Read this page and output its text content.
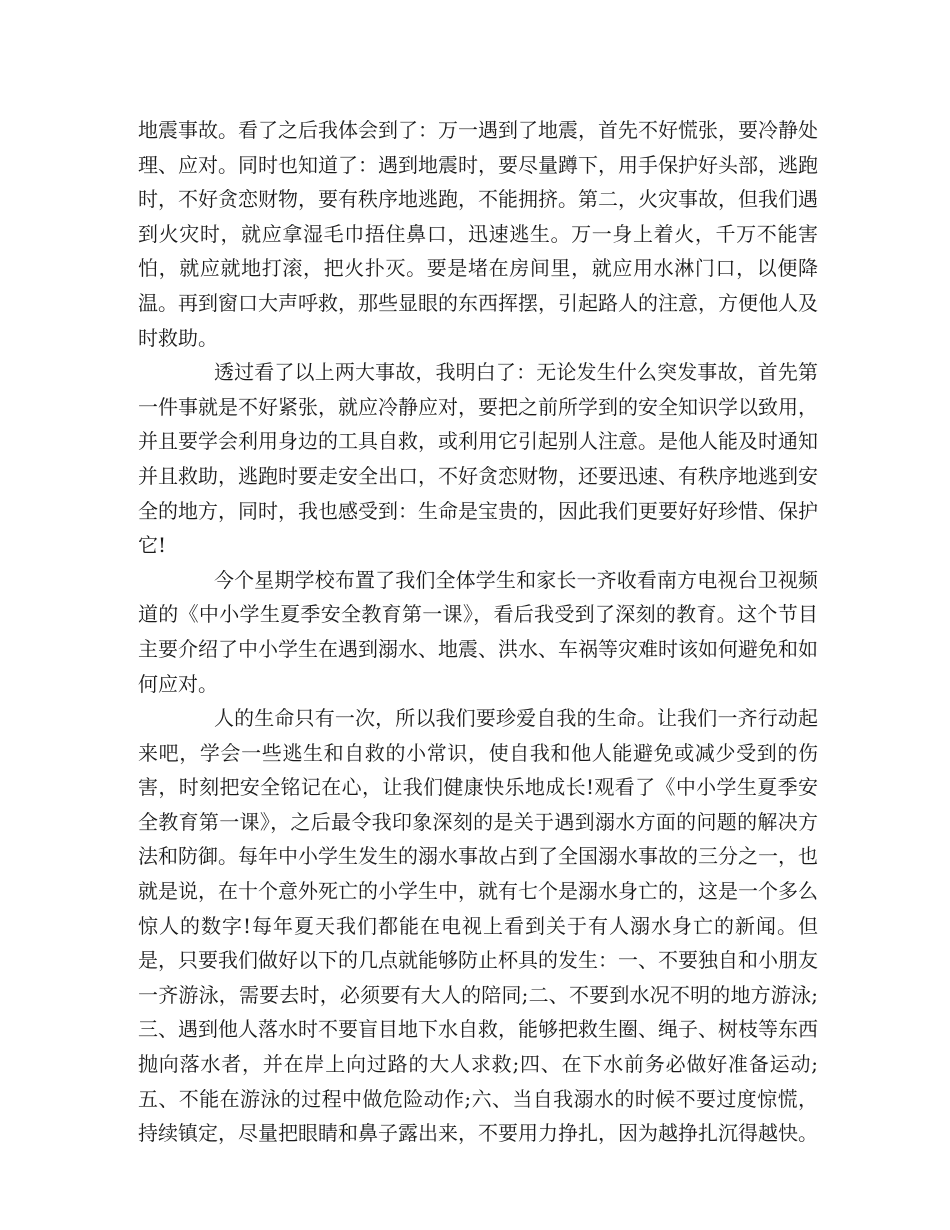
地震事故。看了之后我体会到了：万一遇到了地震，首先不好慌张，要冷静处理、应对。同时也知道了：遇到地震时，要尽量蹲下，用手保护好头部，逃跑时，不好贪恋财物，要有秩序地逃跑，不能拥挤。第二，火灾事故，但我们遇到火灾时，就应拿湿毛巾捂住鼻口，迅速逃生。万一身上着火，千万不能害怕，就应就地打滚，把火扑灭。要是堵在房间里，就应用水淋门口，以便降温。再到窗口大声呼救，那些显眼的东西挥摆，引起路人的注意，方便他人及时救助。

透过看了以上两大事故，我明白了：无论发生什么突发事故，首先第一件事就是不好紧张，就应冷静应对，要把之前所学到的安全知识学以致用，并且要学会利用身边的工具自救，或利用它引起别人注意。是他人能及时通知并且救助，逃跑时要走安全出口，不好贪恋财物，还要迅速、有秩序地逃到安全的地方，同时，我也感受到：生命是宝贵的，因此我们更要好好珍惜、保护它!

今个星期学校布置了我们全体学生和家长一齐收看南方电视台卫视频道的《中小学生夏季安全教育第一课》，看后我受到了深刻的教育。这个节目主要介绍了中小学生在遇到溺水、地震、洪水、车祸等灾难时该如何避免和如何应对。

人的生命只有一次，所以我们要珍爱自我的生命。让我们一齐行动起来吧，学会一些逃生和自救的小常识，使自我和他人能避免或减少受到的伤害，时刻把安全铭记在心，让我们健康快乐地成长!观看了《中小学生夏季安全教育第一课》，之后最令我印象深刻的是关于遇到溺水方面的问题的解决方法和防御。每年中小学生发生的溺水事故占到了全国溺水事故的三分之一，也就是说，在十个意外死亡的小学生中，就有七个是溺水身亡的，这是一个多么惊人的数字!每年夏天我们都能在电视上看到关于有人溺水身亡的新闻。但是，只要我们做好以下的几点就能够防止杯具的发生：一、不要独自和小朋友一齐游泳，需要去时，必须要有大人的陪同;二、不要到水况不明的地方游泳;三、遇到他人落水时不要盲目地下水自救，能够把救生圈、绳子、树枝等东西抛向落水者，并在岸上向过路的大人求救;四、在下水前务必做好准备运动;五、不能在游泳的过程中做危险动作;六、当自我溺水的时候不要过度惊慌，持续镇定，尽量把眼睛和鼻子露出来，不要用力挣扎，因为越挣扎沉得越快。
